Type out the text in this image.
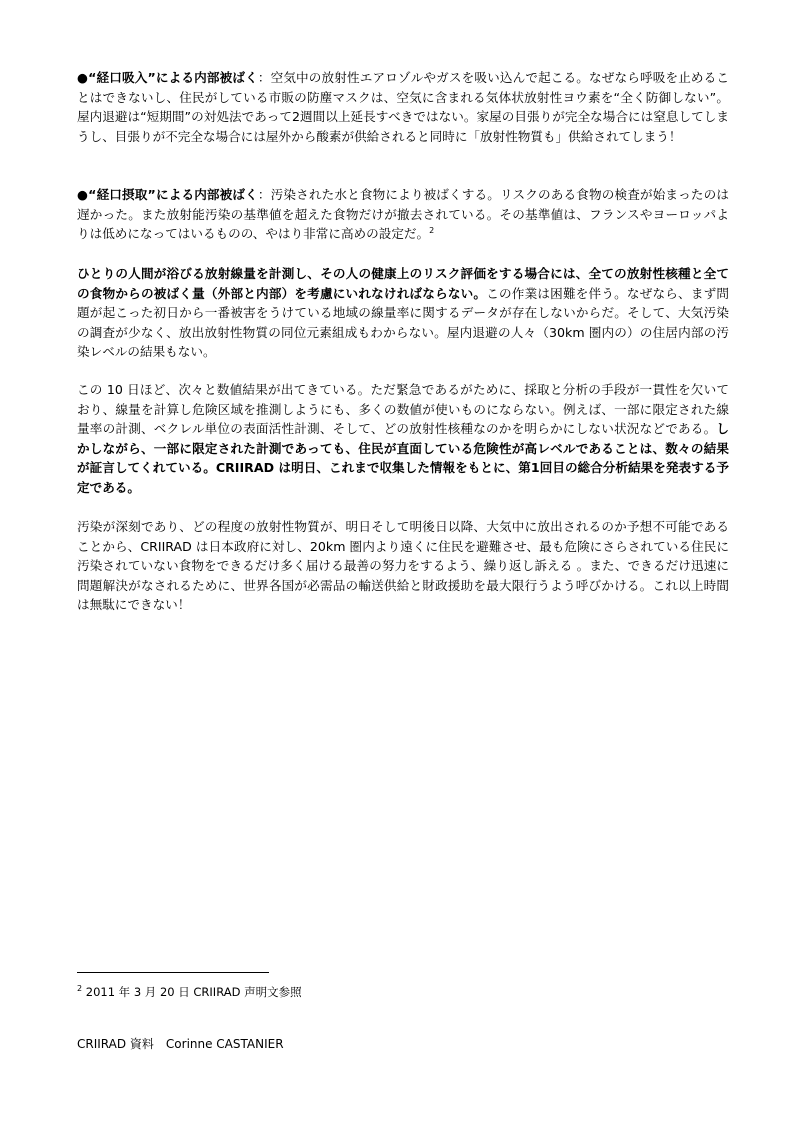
●“経口吸入”による内部被ばく：空気中の放射性エアロゾルやガスを吸い込んで起こる。なぜなら呼吸を止めることはできないし、住民がしている市販の防塵マスクは、空気に含まれる気体状放射性ヨウ素を“全く防御しない”。屋内退避は“短期間”の対処法であって2週間以上延長すべきではない。家屋の目張りが完全な場合には窒息してしまうし、目張りが不完全な場合には屋外から酸素が供給されると同時に「放射性物質も」供給されてしまう！

●“経口摂取”による内部被ばく：汚染された水と食物により被ばくする。リスクのある食物の検査が始まったのは遅かった。また放射能汚染の基準値を超えた食物だけが撤去されている。その基準値は、フランスやヨーロッパよりは低めになってはいるものの、やはり非常に高めの設定だ。$^2$

ひとりの人間が浴びる放射線量を計測し、その人の健康上のリスク評価をする場合には、全ての放射性核種と全ての食物からの被ばく量（外部と内部）を考慮にいれなければならない。この作業は困難を伴う。なぜなら、まず問題が起こった初日から一番被害をうけている地域の線量率に関するデータが存在しないからだ。そして、大気汚染の調査が少なく、放出放射性物質の同位元素組成もわからない。屋内退避の人々（30km 圏内の）の住居内部の汚染レベルの結果もない。

この 10 日ほど、次々と数値結果が出てきている。ただ緊急であるがために、採取と分析の手段が一貫性を欠いており、線量を計算し危険区域を推測しようにも、多くの数値が使いものにならない。例えば、一部に限定された線量率の計測、ベクレル単位の表面活性計測、そして、どの放射性核種なのかを明らかにしない状況などである。しかしながら、一部に限定された計測であっても、住民が直面している危険性が高レベルであることは、数々の結果が証言してくれている。CRIIRAD は明日、これまで収集した情報をもとに、第1回目の総合分析結果を発表する予定である。

汚染が深刻であり、どの程度の放射性物質が、明日そして明後日以降、大気中に放出されるのか予想不可能であることから、CRIIRAD は日本政府に対し、20km 圏内より遠くに住民を避難させ、最も危険にさらされている住民に汚染されていない食物をできるだけ多く届ける最善の努力をするよう、繰り返し訴える 。また、できるだけ迅速に問題解決がなされるために、世界各国が必需品の輸送供給と財政援助を最大限行うよう呼びかける。これ以上時間は無駄にできない！

$^2$ 2011 年 3 月 20 日 CRIIRAD 声明文参照
CRIIRAD 資料　Corinne CASTANIER
